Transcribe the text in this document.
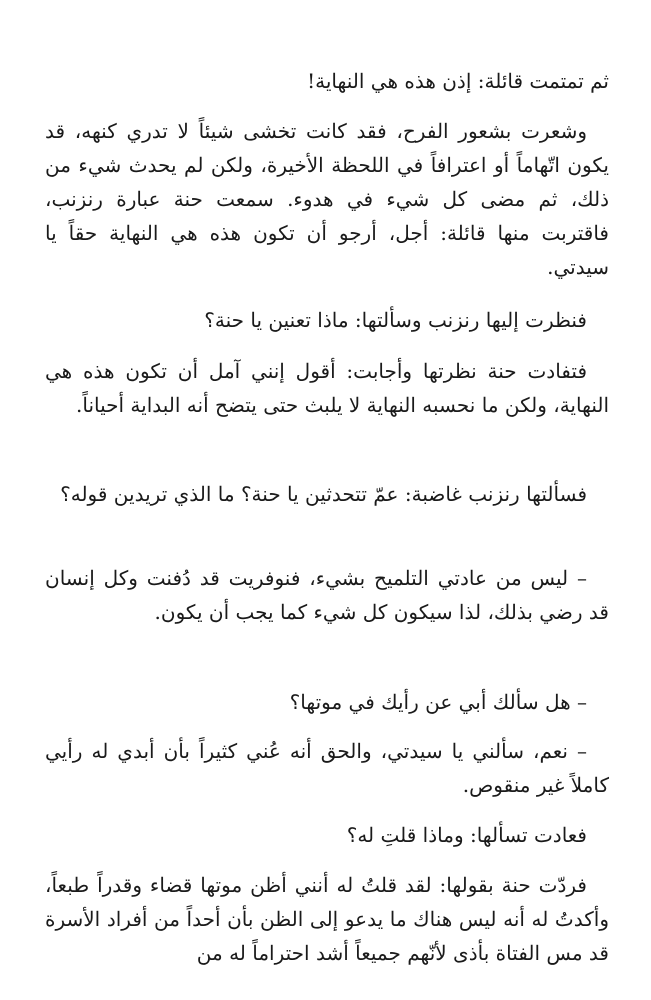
ثم تمتمت قائلة: إذن هذه هي النهاية!

وشعرت بشعور الفرح، فقد كانت تخشى شيئاً لا تدري كنهه، قد يكون اتّهاماً أو اعترافاً في اللحظة الأخيرة، ولكن لم يحدث شيء من ذلك، ثم مضى كل شيء في هدوء. سمعت حنة عبارة رنزنب، فاقتربت منها قائلة: أجل، أرجو أن تكون هذه هي النهاية حقاً يا سيدتي.

فنظرت إليها رنزنب وسألتها: ماذا تعنين يا حنة؟

فتفادت حنة نظرتها وأجابت: أقول إنني آمل أن تكون هذه هي النهاية، ولكن ما نحسبه النهاية لا يلبث حتى يتضح أنه البداية أحياناً.

فسألتها رنزنب غاضبة: عمّ تتحدثين يا حنة؟ ما الذي تريدين قوله؟

– ليس من عادتي التلميح بشيء، فنوفريت قد دُفنت وكل إنسان قد رضي بذلك، لذا سيكون كل شيء كما يجب أن يكون.

– هل سألك أبي عن رأيك في موتها؟

– نعم، سألني يا سيدتي، والحق أنه عُني كثيراً بأن أبدي له رأيي كاملاً غير منقوص.

فعادت تسألها: وماذا قلتِ له؟

فردّت حنة بقولها: لقد قلتُ له أنني أظن موتها قضاء وقدراً طبعاً، وأكدتُ له أنه ليس هناك ما يدعو إلى الظن بأن أحداً من أفراد الأسرة قد مس الفتاة بأذى لأنّهم جميعاً أشد احتراماً له من
